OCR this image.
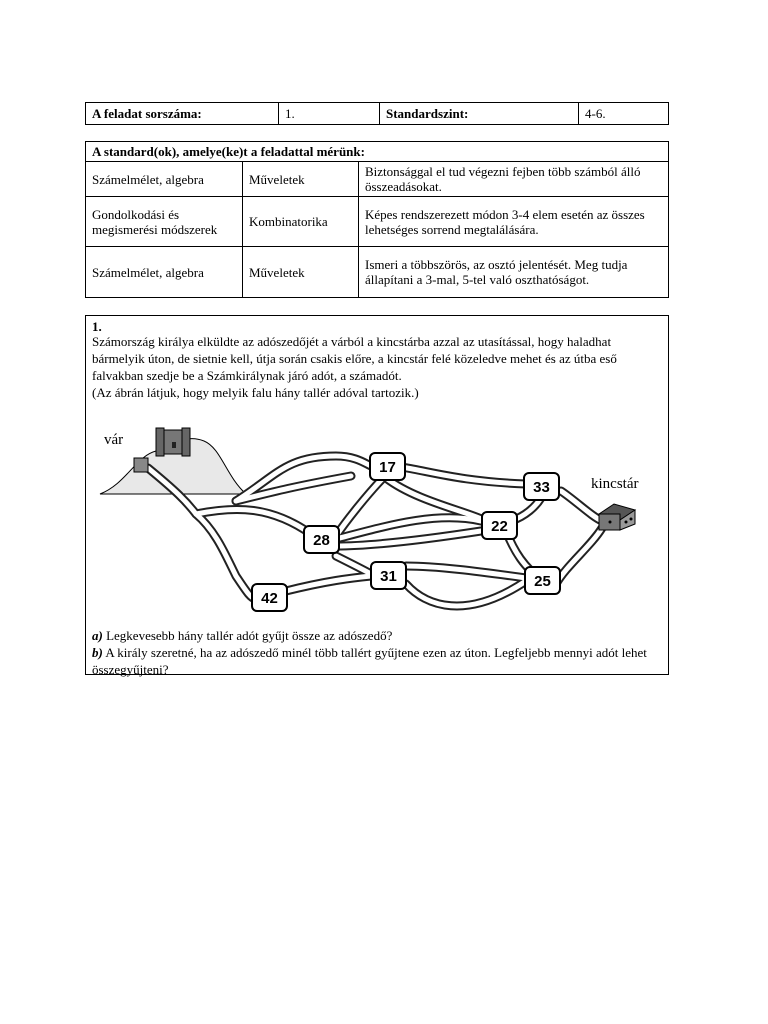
A feladat sorszáma:	1.	Standardszint:	4-6.
A standard(ok), amelye(ke)t a feladattal mérünk:		
Számelmélet, algebra	Műveletek	Biztonsággal el tud végezni fejben több számból álló összeadásokat.
Gondolkodási és megismerési módszerek	Kombinatorika	Képes rendszerezett módon 3-4 elem esetén az összes lehetséges sorrend megtalálására.
Számelmélet, algebra	Műveletek	Ismeri a többszörös, az osztó jelentését. Meg tudja állapítani a 3-mal, 5-tel való oszthatóságot.
1.
Számország királya elküldte az adószedőjét a várból a kincstárba azzal az utasítással, hogy haladhat bármelyik úton, de sietnie kell, útja során csakis előre, a kincstár felé közeledve mehet és az útba eső falvakban szedje be a Számkirálynak járó adót, a számadót.
(Az ábrán látjuk, hogy melyik falu hány tallér adóval tartozik.)
vár
kincstár
17
33
22
28
31	25
42
a) Legkevesebb hány tallér adót gyűjt össze az adószedő?
b) A király szeretné, ha az adószedő minél több tallért gyűjtene ezen az úton. Legfeljebb mennyi adót lehet összegyűjteni?
